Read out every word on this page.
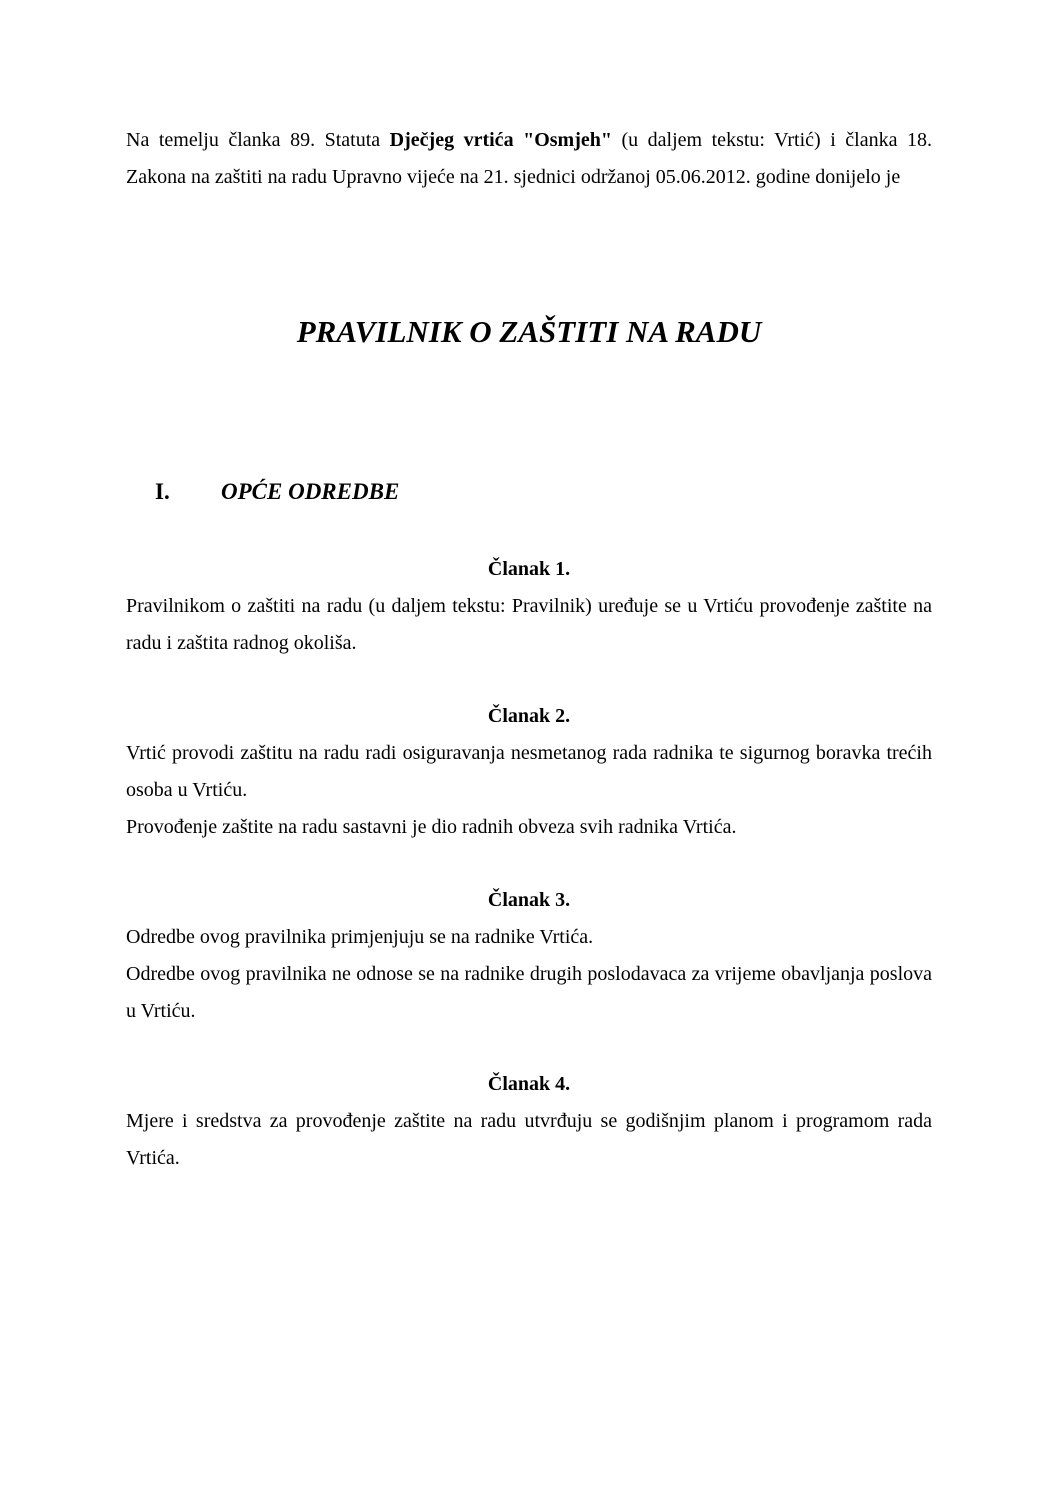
Na temelju članka 89. Statuta Dječjeg vrtića "Osmjeh" (u daljem tekstu: Vrtić) i članka 18. Zakona na zaštiti na radu Upravno vijeće na 21. sjednici održanoj 05.06.2012. godine donijelo je

PRAVILNIK O ZAŠTITI NA RADU
I. OPĆE ODREDBE

Članak 1.

Pravilnikom o zaštiti na radu (u daljem tekstu: Pravilnik) uređuje se u Vrtiću provođenje zaštite na radu i zaštita radnog okoliša.

Članak 2.

Vrtić provodi zaštitu na radu radi osiguravanja nesmetanog rada radnika te sigurnog boravka trećih osoba u Vrtiću.

Provođenje zaštite na radu sastavni je dio radnih obveza svih radnika Vrtića.

Članak 3.

Odredbe ovog pravilnika primjenjuju se na radnike Vrtića.

Odredbe ovog pravilnika ne odnose se na radnike drugih poslodavaca za vrijeme obavljanja poslova u Vrtiću.

Članak 4.

Mjere i sredstva za provođenje zaštite na radu utvrđuju se godišnjim planom i programom rada Vrtića.
